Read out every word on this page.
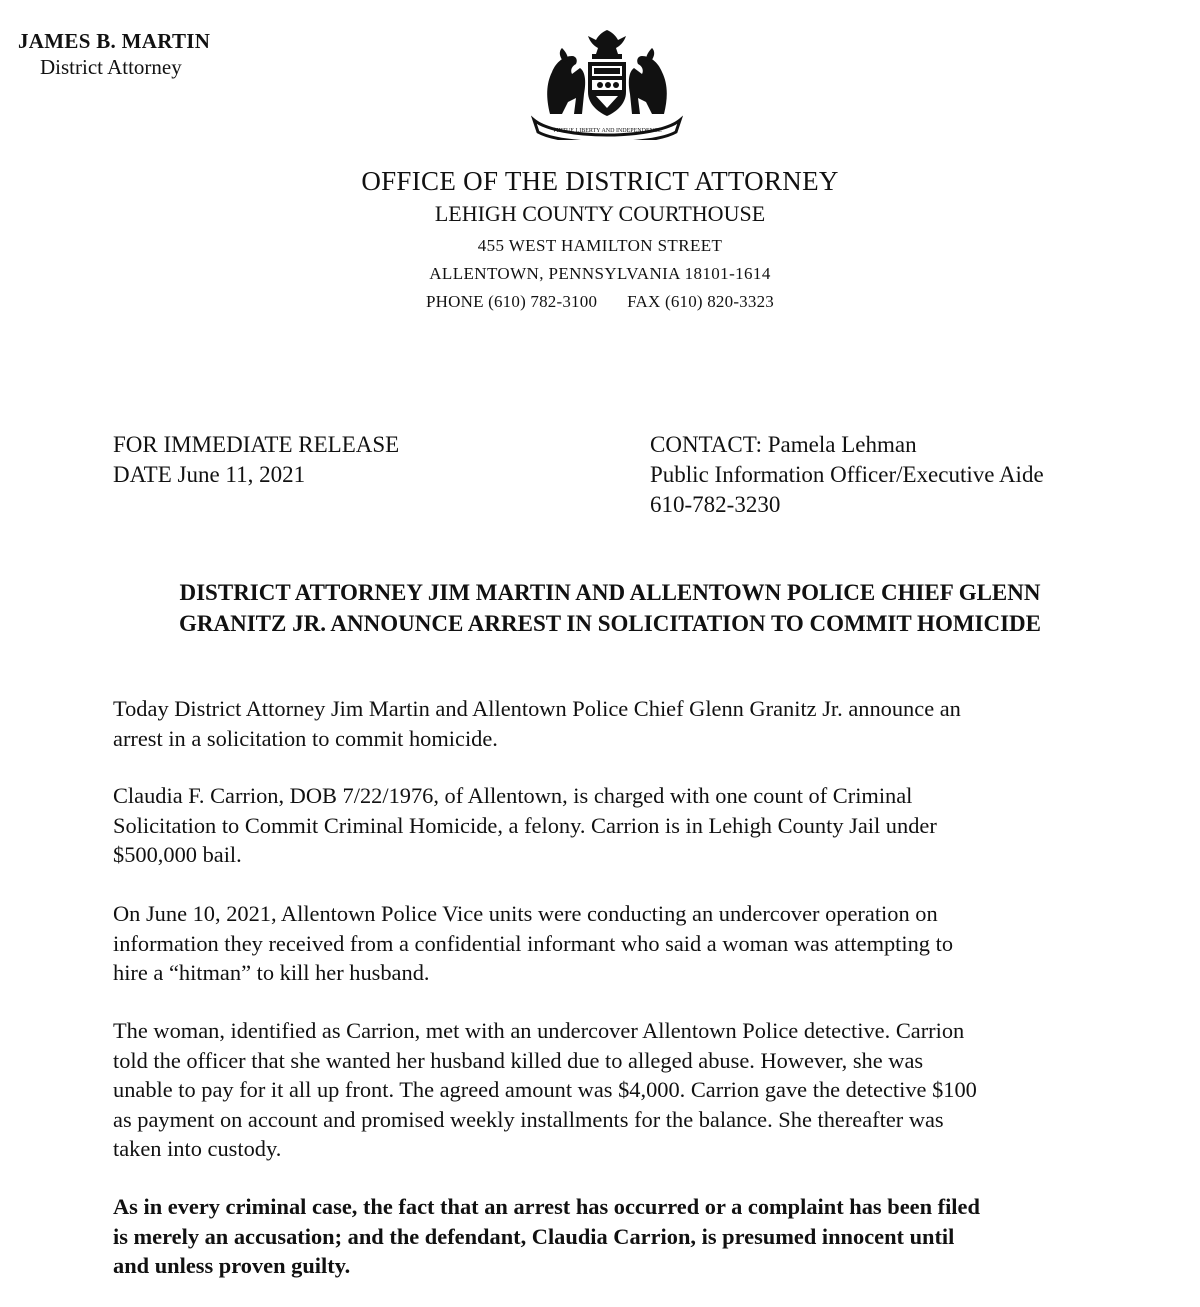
JAMES B. MARTIN
District Attorney
VIRTUE LIBERTY AND INDEPENDENCE
OFFICE OF THE DISTRICT ATTORNEY
LEHIGH COUNTY COURTHOUSE
455 WEST HAMILTON STREET
ALLENTOWN, PENNSYLVANIA 18101-1614
PHONE (610) 782-3100 FAX (610) 820-3323
FOR IMMEDIATE RELEASE
DATE June 11, 2021
CONTACT: Pamela Lehman
Public Information Officer/Executive Aide
610-782-3230
DISTRICT ATTORNEY JIM MARTIN AND ALLENTOWN POLICE CHIEF GLENN
GRANITZ JR. ANNOUNCE ARREST IN SOLICITATION TO COMMIT HOMICIDE
Today District Attorney Jim Martin and Allentown Police Chief Glenn Granitz Jr. announce an
arrest in a solicitation to commit homicide.
Claudia F. Carrion, DOB 7/22/1976, of Allentown, is charged with one count of Criminal
Solicitation to Commit Criminal Homicide, a felony. Carrion is in Lehigh County Jail under
$500,000 bail.
On June 10, 2021, Allentown Police Vice units were conducting an undercover operation on
information they received from a confidential informant who said a woman was attempting to
hire a “hitman” to kill her husband.
The woman, identified as Carrion, met with an undercover Allentown Police detective. Carrion
told the officer that she wanted her husband killed due to alleged abuse. However, she was
unable to pay for it all up front. The agreed amount was $4,000. Carrion gave the detective $100
as payment on account and promised weekly installments for the balance. She thereafter was
taken into custody.
As in every criminal case, the fact that an arrest has occurred or a complaint has been filed
is merely an accusation; and the defendant, Claudia Carrion, is presumed innocent until
and unless proven guilty.
